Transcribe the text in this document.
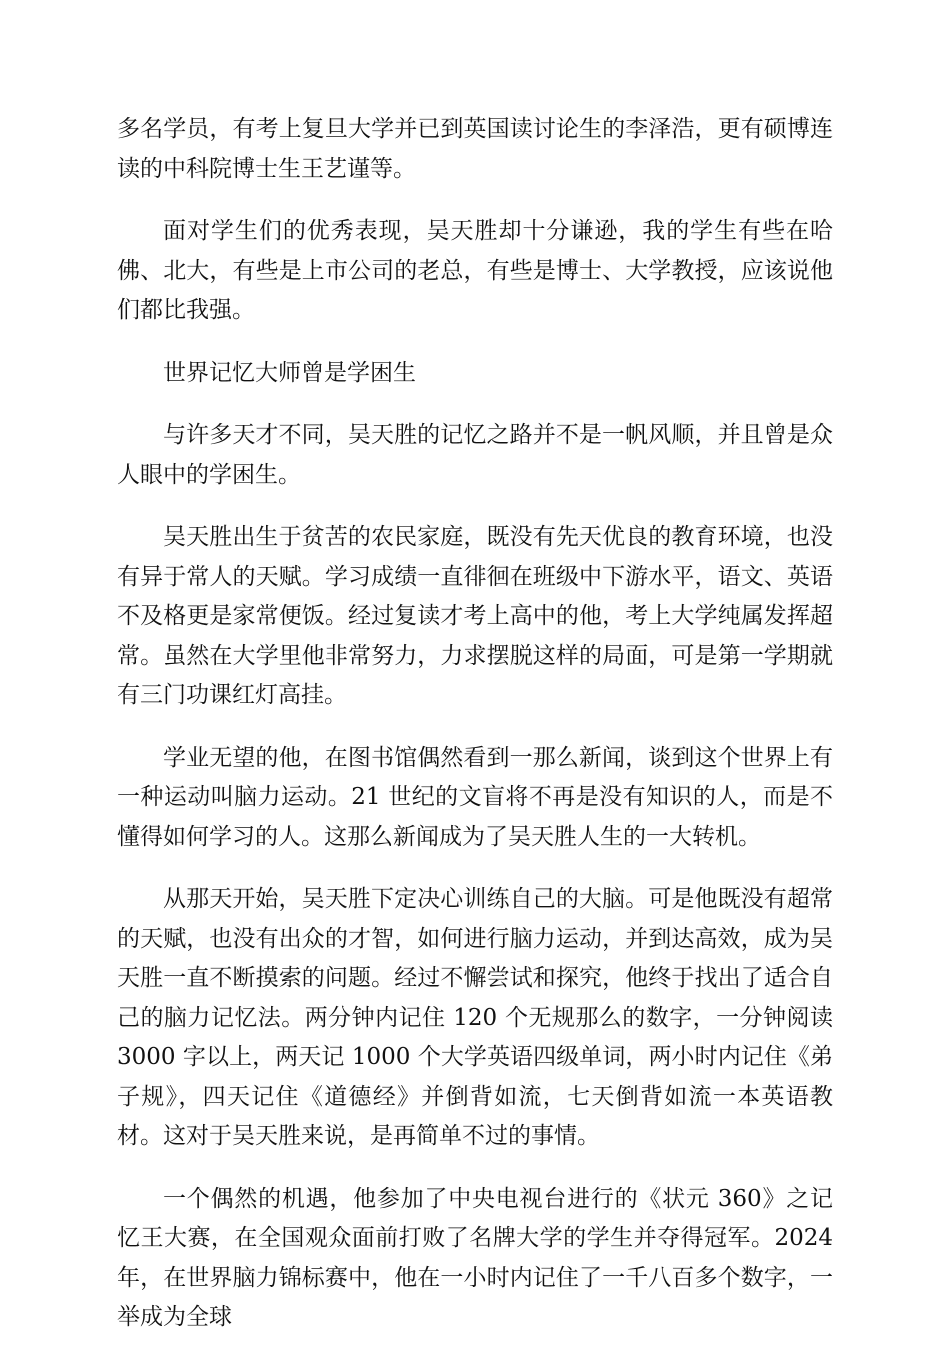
多名学员，有考上复旦大学并已到英国读讨论生的李泽浩，更有硕博连读的中科院博士生王艺谨等。

面对学生们的优秀表现，吴天胜却十分谦逊，我的学生有些在哈佛、北大，有些是上市公司的老总，有些是博士、大学教授，应该说他们都比我强。

世界记忆大师曾是学困生

与许多天才不同，吴天胜的记忆之路并不是一帆风顺，并且曾是众人眼中的学困生。

吴天胜出生于贫苦的农民家庭，既没有先天优良的教育环境，也没有异于常人的天赋。学习成绩一直徘徊在班级中下游水平，语文、英语不及格更是家常便饭。经过复读才考上高中的他，考上大学纯属发挥超常。虽然在大学里他非常努力，力求摆脱这样的局面，可是第一学期就有三门功课红灯高挂。

学业无望的他，在图书馆偶然看到一那么新闻，谈到这个世界上有一种运动叫脑力运动。21 世纪的文盲将不再是没有知识的人，而是不懂得如何学习的人。这那么新闻成为了吴天胜人生的一大转机。

从那天开始，吴天胜下定决心训练自己的大脑。可是他既没有超常的天赋，也没有出众的才智，如何进行脑力运动，并到达高效，成为吴天胜一直不断摸索的问题。经过不懈尝试和探究，他终于找出了适合自己的脑力记忆法。两分钟内记住 120 个无规那么的数字，一分钟阅读 3000 字以上，两天记 1000 个大学英语四级单词，两小时内记住《弟子规》，四天记住《道德经》并倒背如流，七天倒背如流一本英语教材。这对于吴天胜来说，是再简单不过的事情。

一个偶然的机遇，他参加了中央电视台进行的《状元 360》之记忆王大赛，在全国观众面前打败了名牌大学的学生并夺得冠军。2024 年，在世界脑力锦标赛中，他在一小时内记住了一千八百多个数字，一举成为全球
